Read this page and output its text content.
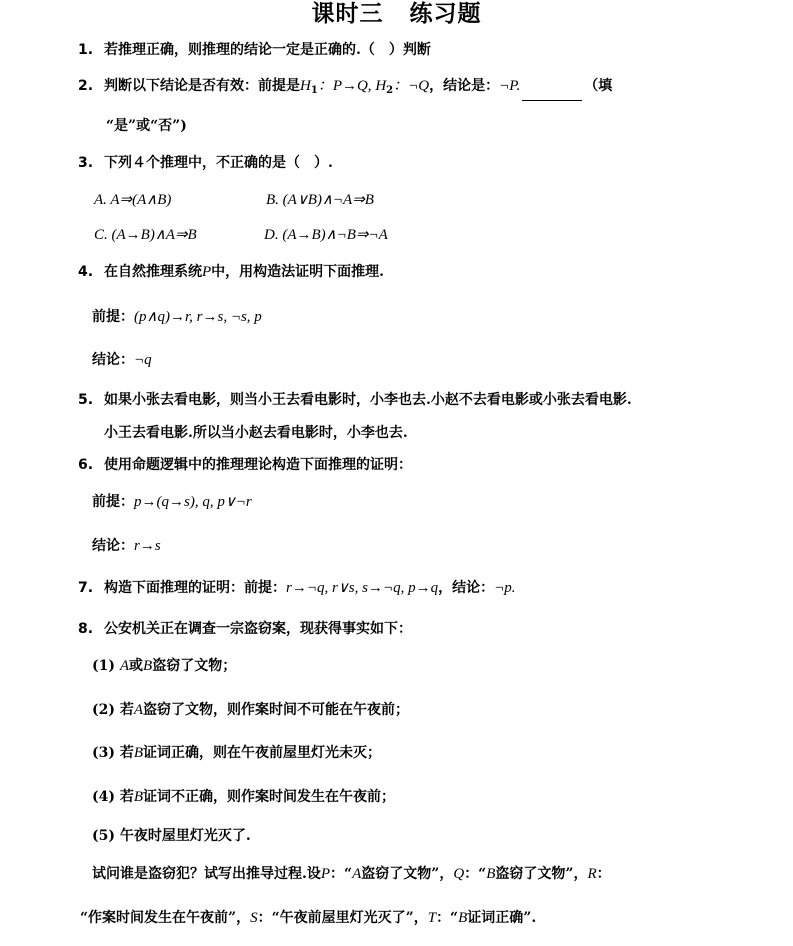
课时三 练习题
1. 若推理正确，则推理的结论一定是正确的.（　）判断
2. 判断以下结论是否有效：前提是$H_1$：P→Q, $H_2$：¬Q，结论是：¬P.	（填
“是”或“否”)
3. 下列４个推理中，不正确的是（　）.
A. A⇒(A∧B)	B. (A∨B)∧¬A⇒B
C. (A→B)∧A⇒B	D. (A→B)∧¬B⇒¬A
4. 在自然推理系统P中，用构造法证明下面推理.
前提：(p∧q)→r, r→s, ¬s, p
结论：¬q
5. 如果小张去看电影，则当小王去看电影时，小李也去.小赵不去看电影或小张去看电影.
小王去看电影.所以当小赵去看电影时，小李也去.
6. 使用命题逻辑中的推理理论构造下面推理的证明：
前提：p→(q→s), q, p∨¬r
结论：r→s
7. 构造下面推理的证明：前提：r→¬q, r∨s, s→¬q, p→q，结论：¬p.
8. 公安机关正在调查一宗盗窃案，现获得事实如下：
(1) A或B盗窃了文物；
(2) 若A盗窃了文物，则作案时间不可能在午夜前；
(3) 若B证词正确，则在午夜前屋里灯光未灭；
(4) 若B证词不正确，则作案时间发生在午夜前；
(5) 午夜时屋里灯光灭了.
试问谁是盗窃犯？试写出推导过程.设P：“A盗窃了文物”，Q：“B盗窃了文物”，R：
“作案时间发生在午夜前”，S：“午夜前屋里灯光灭了”，T：“B证词正确”.
